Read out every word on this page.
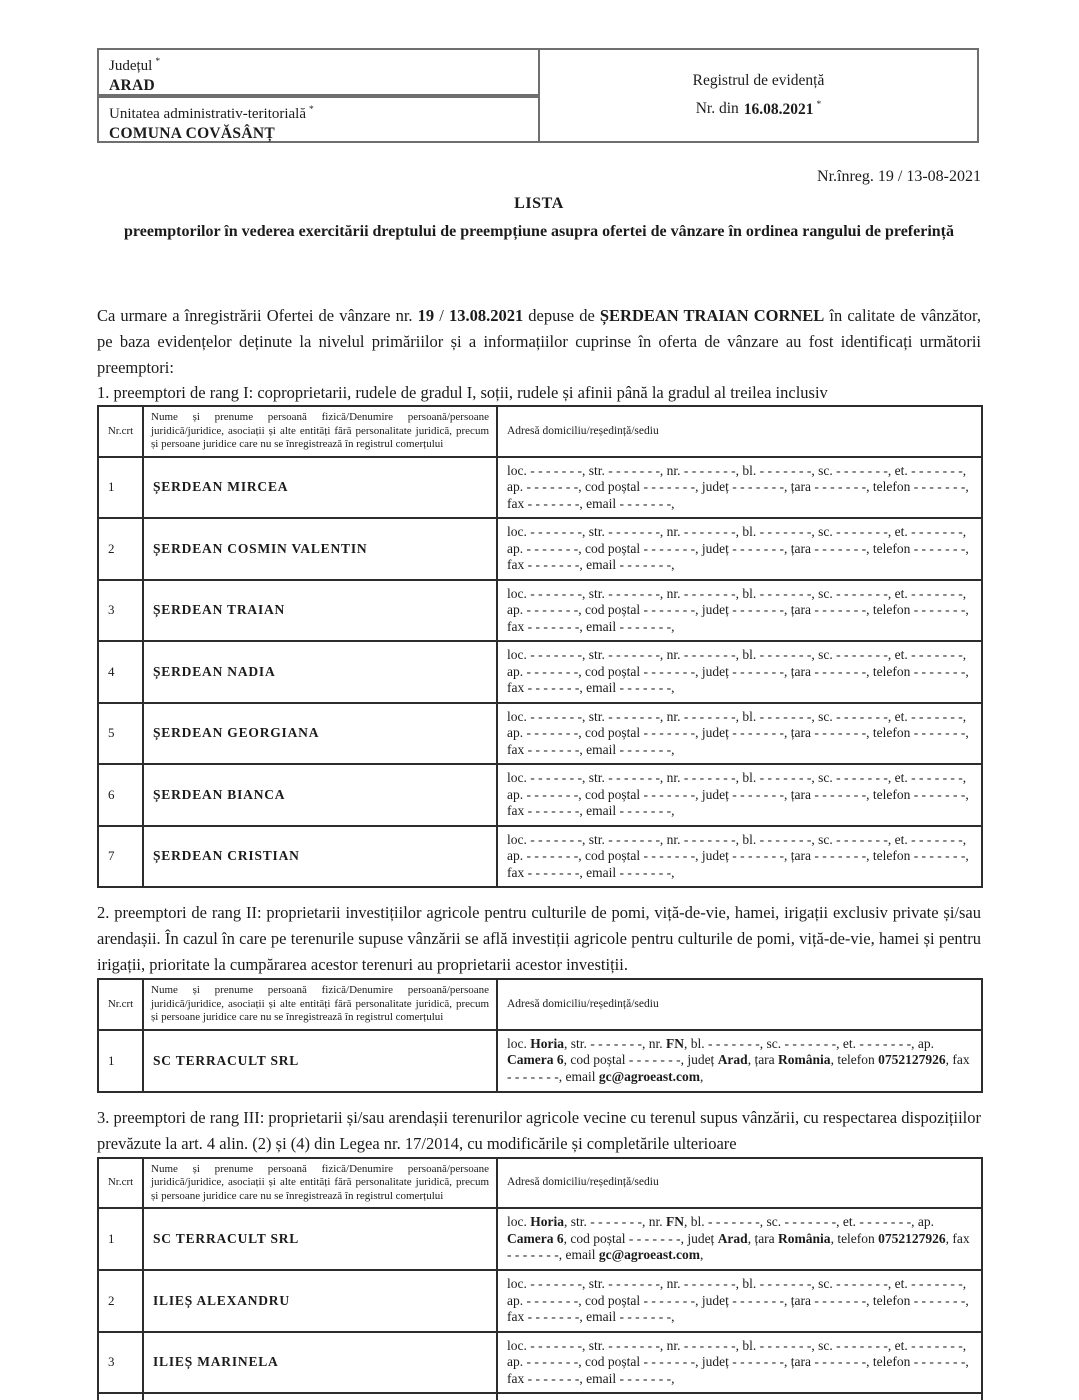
Județul *
ARAD
Unitatea administrativ-teritorială *
COMUNA COVĂSÂNȚ
Registrul de evidență
Nr. din 16.08.2021 *

Nr.înreg. 19 / 13-08-2021

LISTA

preemptorilor în vederea exercitării dreptului de preempțiune asupra ofertei de vânzare în ordinea rangului de preferință

Ca urmare a înregistrării Ofertei de vânzare nr. 19 / 13.08.2021 depuse de ȘERDEAN TRAIAN CORNEL în calitate de vânzător, pe baza evidențelor deținute la nivelul primăriilor și a informațiilor cuprinse în oferta de vânzare au fost identificați următorii preemptori:

1. preemptori de rang I: coproprietarii, rudele de gradul I, soții, rudele și afinii până la gradul al treilea inclusiv

Nr.crt	Nume și prenume persoană fizică/Denumire persoană/persoane juridică/juridice, asociații și alte entități fără personalitate juridică, precum și persoane juridice care nu se înregistrează în registrul comerțului	Adresă domiciliu/reședință/sediu
1	ȘERDEAN MIRCEA	loc. - - - - - - -, str. - - - - - - -, nr. - - - - - - -, bl. - - - - - - -, sc. - - - - - - -, et. - - - - - - -, ap. - - - - - - -, cod poștal - - - - - - -, județ - - - - - - -, țara - - - - - - -, telefon - - - - - - -, fax - - - - - - -, email - - - - - - -,
2	ȘERDEAN COSMIN VALENTIN	loc. - - - - - - -, str. - - - - - - -, nr. - - - - - - -, bl. - - - - - - -, sc. - - - - - - -, et. - - - - - - -, ap. - - - - - - -, cod poștal - - - - - - -, județ - - - - - - -, țara - - - - - - -, telefon - - - - - - -, fax - - - - - - -, email - - - - - - -,
3	ȘERDEAN TRAIAN	loc. - - - - - - -, str. - - - - - - -, nr. - - - - - - -, bl. - - - - - - -, sc. - - - - - - -, et. - - - - - - -, ap. - - - - - - -, cod poștal - - - - - - -, județ - - - - - - -, țara - - - - - - -, telefon - - - - - - -, fax - - - - - - -, email - - - - - - -,
4	ȘERDEAN NADIA	loc. - - - - - - -, str. - - - - - - -, nr. - - - - - - -, bl. - - - - - - -, sc. - - - - - - -, et. - - - - - - -, ap. - - - - - - -, cod poștal - - - - - - -, județ - - - - - - -, țara - - - - - - -, telefon - - - - - - -, fax - - - - - - -, email - - - - - - -,
5	ȘERDEAN GEORGIANA	loc. - - - - - - -, str. - - - - - - -, nr. - - - - - - -, bl. - - - - - - -, sc. - - - - - - -, et. - - - - - - -, ap. - - - - - - -, cod poștal - - - - - - -, județ - - - - - - -, țara - - - - - - -, telefon - - - - - - -, fax - - - - - - -, email - - - - - - -,
6	ȘERDEAN BIANCA	loc. - - - - - - -, str. - - - - - - -, nr. - - - - - - -, bl. - - - - - - -, sc. - - - - - - -, et. - - - - - - -, ap. - - - - - - -, cod poștal - - - - - - -, județ - - - - - - -, țara - - - - - - -, telefon - - - - - - -, fax - - - - - - -, email - - - - - - -,
7	ȘERDEAN CRISTIAN	loc. - - - - - - -, str. - - - - - - -, nr. - - - - - - -, bl. - - - - - - -, sc. - - - - - - -, et. - - - - - - -, ap. - - - - - - -, cod poștal - - - - - - -, județ - - - - - - -, țara - - - - - - -, telefon - - - - - - -, fax - - - - - - -, email - - - - - - -,

2. preemptori de rang II: proprietarii investițiilor agricole pentru culturile de pomi, viță-de-vie, hamei, irigații exclusiv private și/sau arendașii. În cazul în care pe terenurile supuse vânzării se află investiții agricole pentru culturile de pomi, viță-de-vie, hamei și pentru irigații, prioritate la cumpărarea acestor terenuri au proprietarii acestor investiții.

Nr.crt	Nume și prenume persoană fizică/Denumire persoană/persoane juridică/juridice, asociații și alte entități fără personalitate juridică, precum și persoane juridice care nu se înregistrează în registrul comerțului	Adresă domiciliu/reședință/sediu
1	SC TERRACULT SRL	loc. Horia, str. - - - - - - -, nr. FN, bl. - - - - - - -, sc. - - - - - - -, et. - - - - - - -, ap. Camera 6, cod poștal - - - - - - -, județ Arad, țara România, telefon 0752127926, fax - - - - - - -, email gc@agroeast.com,

3. preemptori de rang III: proprietarii și/sau arendașii terenurilor agricole vecine cu terenul supus vânzării, cu respectarea dispozițiilor prevăzute la art. 4 alin. (2) și (4) din Legea nr. 17/2014, cu modificările și completările ulterioare

Nr.crt	Nume și prenume persoană fizică/Denumire persoană/persoane juridică/juridice, asociații și alte entități fără personalitate juridică, precum și persoane juridice care nu se înregistrează în registrul comerțului	Adresă domiciliu/reședință/sediu
1	SC TERRACULT SRL	loc. Horia, str. - - - - - - -, nr. FN, bl. - - - - - - -, sc. - - - - - - -, et. - - - - - - -, ap. Camera 6, cod poștal - - - - - - -, județ Arad, țara România, telefon 0752127926, fax - - - - - - -, email gc@agroeast.com,
2	ILIEȘ ALEXANDRU	loc. - - - - - - -, str. - - - - - - -, nr. - - - - - - -, bl. - - - - - - -, sc. - - - - - - -, et. - - - - - - -, ap. - - - - - - -, cod poștal - - - - - - -, județ - - - - - - -, țara - - - - - - -, telefon - - - - - - -, fax - - - - - - -, email - - - - - - -,
3	ILIEȘ MARINELA	loc. - - - - - - -, str. - - - - - - -, nr. - - - - - - -, bl. - - - - - - -, sc. - - - - - - -, et. - - - - - - -, ap. - - - - - - -, cod poștal - - - - - - -, județ - - - - - - -, țara - - - - - - -, telefon - - - - - - -, fax - - - - - - -, email - - - - - - -,
